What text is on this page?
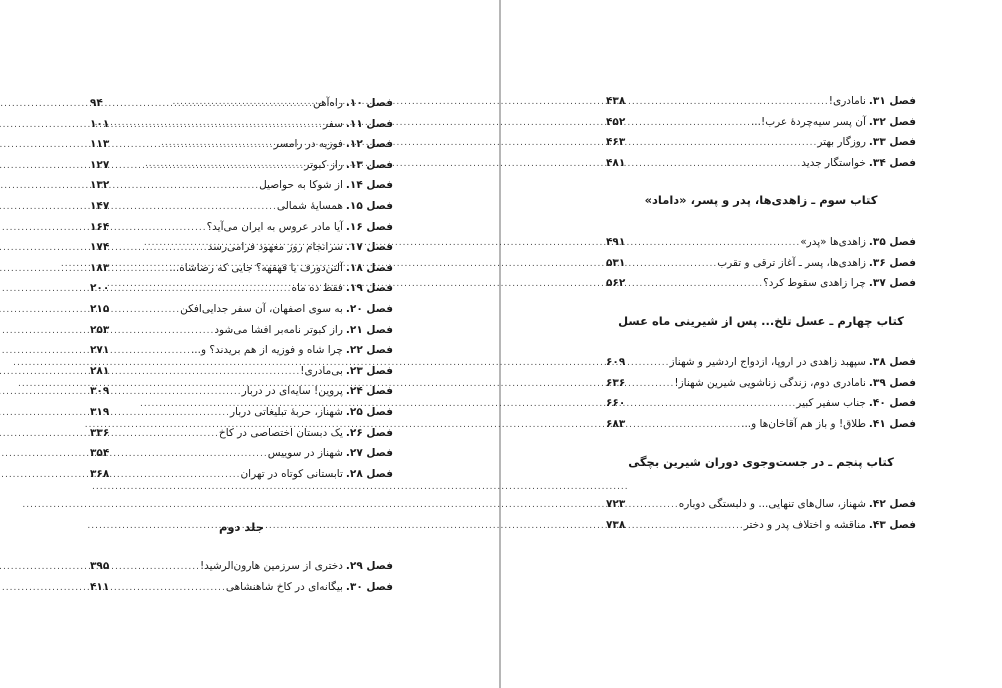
فصل ۱۰.
راه‌آهن
.....
۹۴
فصل ۱۱.
سفر
.....
۱۰۱
فصل ۱۲.
فوزیه در رامسر
.....
۱۱۳
فصل ۱۳.
راز کبوتر
.....
۱۲۷
فصل ۱۴.
از شوکا به حواصیل
.....
۱۳۲
فصل ۱۵.
همسایهٔ شمالی
.....
۱۴۷
فصل ۱۶.
آیا مادر عروس به ایران می‌آید؟
.....
۱۶۴
فصل ۱۷.
سرانجام روز معهود فرامی‌رسد
.....
۱۷۴
فصل ۱۸.
آلتن‌دورف یا قهقهه؟ جایی که رضاشاه...
.....
۱۸۳
فصل ۱۹.
فقط ده ماه
.....
۲۰۰
فصل ۲۰.
به سوی اصفهان، آن سفر جدایی‌افکن
.....
۲۱۵
فصل ۲۱.
راز کبوتر نامه‌بر افشا می‌شود
.....
۲۵۳
فصل ۲۲.
چرا شاه و فوزیه از هم بریدند؟ و...
.....
۲۷۱
فصل ۲۳.
بی‌مادری!
.....
۲۸۱
فصل ۲۴.
پروین! سایه‌ای در دربار
.....
۳۰۹
فصل ۲۵.
شهناز، حربهٔ تبلیغاتی دربار
.....
۳۱۹
فصل ۲۶.
یک دبستان اختصاصی در کاخ
.....
۳۳۶
فصل ۲۷.
شهناز در سوییس
.....
۳۵۴
فصل ۲۸.
تابستانی کوتاه در تهران
.....
۳۶۸
.....
جلد دوم
فصل ۲۹.
دختری از سرزمین هارون‌الرشید!
.....
۳۹۵
فصل ۳۰.
بیگانه‌ای در کاخ شاهنشاهی
.....
۴۱۱
فصل ۳۱.
نامادری!
.....
۴۳۸
فصل ۳۲.
آن پسر سیه‌چردهٔ عرب!...
.....
۴۵۲
فصل ۳۳.
روزگار بهتر
.....
۴۶۳
فصل ۳۴.
خواستگار جدید
.....
۴۸۱
کتاب سوم ـ زاهدی‌ها، پدر و پسر، «داماد»
فصل ۳۵.
زاهدی‌ها «پدر»
.....
۴۹۱
فصل ۳۶.
زاهدی‌ها، پسر ـ آغاز ترقی و تقرب
.....
۵۳۱
فصل ۳۷.
چرا زاهدی سقوط کرد؟
.....
۵۶۲
کتاب چهارم ـ عسل تلخ... پس از شیرینی ماه عسل
فصل ۳۸.
سپهبد زاهدی در اروپا، ازدواج اردشیر و شهناز
.....
۶۰۹
فصل ۳۹.
نامادری دوم، زندگی زناشویی شیرین شهناز!
.....
۶۳۶
فصل ۴۰.
جناب سفیر کبیر
.....
۶۶۰
فصل ۴۱.
طلاق! و باز هم آقاخان‌ها و...
.....
۶۸۳
کتاب پنجم ـ در جست‌وجوی دوران شیرین بچگی
فصل ۴۲.
شهناز، سال‌های تنهایی... و دلبستگی دوباره
.....
۷۲۳
فصل ۴۳.
مناقشه و اختلاف پدر و دختر
.....
۷۳۸
